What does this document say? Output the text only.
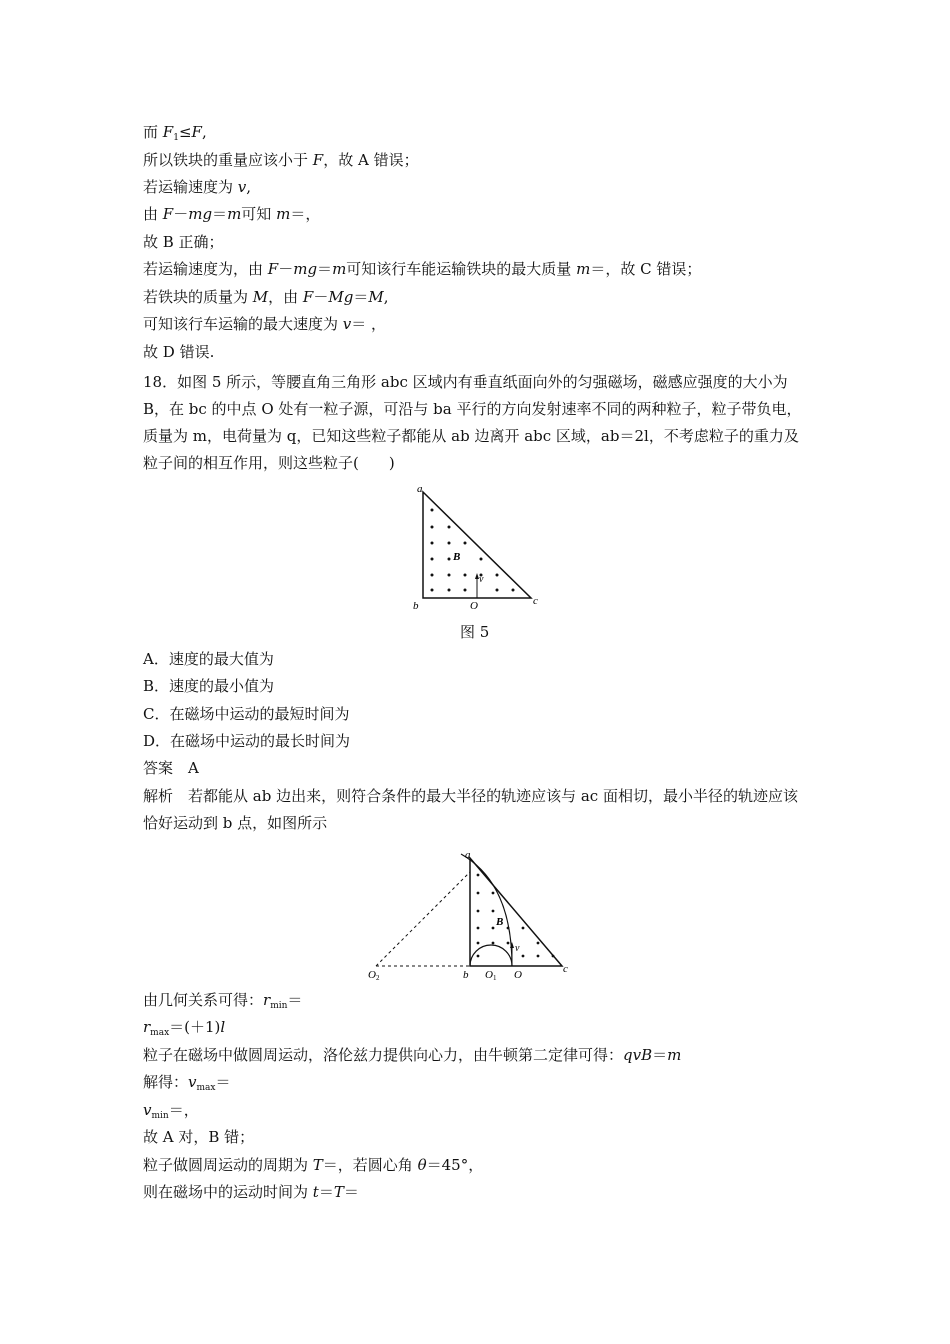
而 $F_1\le F$,
所以铁块的重量应该小于 F，故 A 错误；
若运输速度为 v,
由 F－mg＝m可知 m＝，
故 B 正确；
若运输速度为，由 F－mg＝m可知该行车能运输铁块的最大质量 m＝，故 C 错误；
若铁块的质量为 M，由 F－Mg＝M,
可知该行车运输的最大速度为 v＝ ，
故 D 错误.
18．如图 5 所示，等腰直角三角形 abc 区域内有垂直纸面向外的匀强磁场，磁感应强度的大小为 B，在 bc 的中点 O 处有一粒子源，可沿与 ba 平行的方向发射速率不同的两种粒子，粒子带负电，质量为 m，电荷量为 q，已知这些粒子都能从 ab 边离开 abc 区域，ab＝2l，不考虑粒子的重力及粒子间的相互作用，则这些粒子(　　)
a
b	c
O
B
v
图 5
A．速度的最大值为
B．速度的最小值为
C．在磁场中运动的最短时间为
D．在磁场中运动的最长时间为
答案　A
解析　若都能从 ab 边出来，则符合条件的最大半径的轨迹应该与 ac 面相切，最小半径的轨迹应该恰好运动到 b 点，如图所示
a
b	c
O
O 1
O 2
B
v
由几何关系可得：$r_{min}=$
$r_{max}=(+1)l$
粒子在磁场中做圆周运动，洛伦兹力提供向心力，由牛顿第二定律可得：qvB＝m
解得：$v_{max}=$
$v_{min}=$，
故 A 对，B 错；
粒子做圆周运动的周期为 T＝，若圆心角 θ＝45°，
则在磁场中的运动时间为 t＝T＝
